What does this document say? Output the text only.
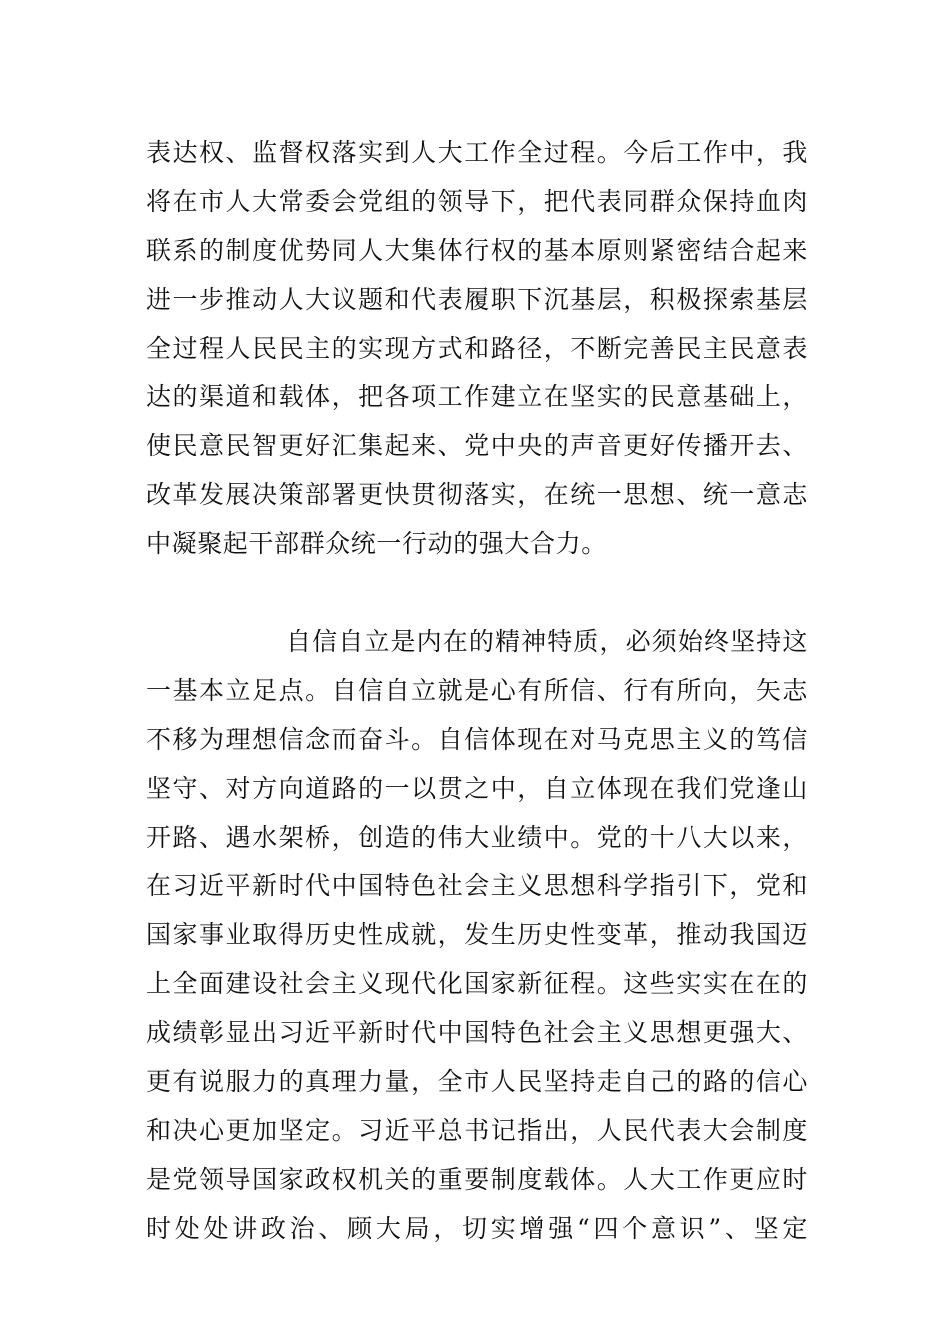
表达权、监督权落实到人大工作全过程。今后工作中，我
将在市人大常委会党组的领导下，把代表同群众保持血肉
联系的制度优势同人大集体行权的基本原则紧密结合起来
进一步推动人大议题和代表履职下沉基层，积极探索基层
全过程人民民主的实现方式和路径，不断完善民主民意表
达的渠道和载体，把各项工作建立在坚实的民意基础上，
使民意民智更好汇集起来、党中央的声音更好传播开去、
改革发展决策部署更快贯彻落实，在统一思想、统一意志
中凝聚起干部群众统一行动的强大合力。
自信自立是内在的精神特质，必须始终坚持这
一基本立足点。自信自立就是心有所信、行有所向，矢志
不移为理想信念而奋斗。自信体现在对马克思主义的笃信
坚守、对方向道路的一以贯之中，自立体现在我们党逢山
开路、遇水架桥，创造的伟大业绩中。党的十八大以来，
在习近平新时代中国特色社会主义思想科学指引下，党和
国家事业取得历史性成就，发生历史性变革，推动我国迈
上全面建设社会主义现代化国家新征程。这些实实在在的
成绩彰显出习近平新时代中国特色社会主义思想更强大、
更有说服力的真理力量，全市人民坚持走自己的路的信心
和决心更加坚定。习近平总书记指出，人民代表大会制度
是党领导国家政权机关的重要制度载体。人大工作更应时
时处处讲政治、顾大局，切实增强“四个意识”、坚定
